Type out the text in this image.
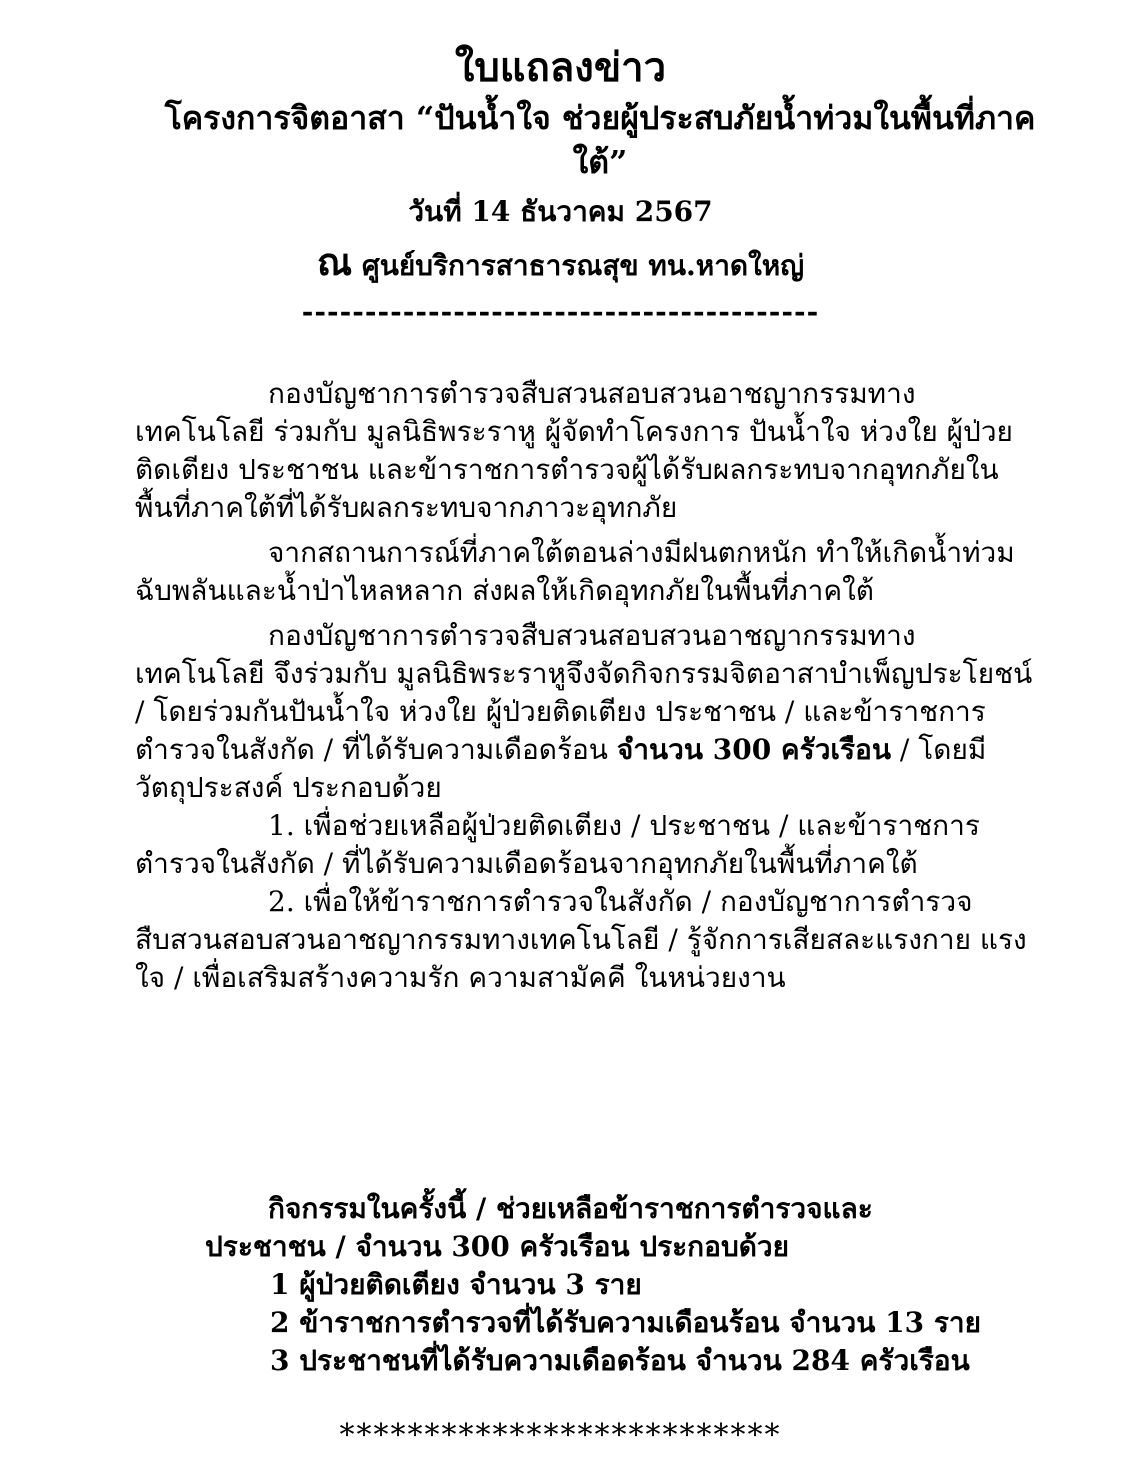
ใบแถลงข่าว
โครงการจิตอาสา “ปันน้ำใจ ช่วยผู้ประสบภัยน้ำท่วมในพื้นที่ภาคใต้”
วันที่ 14 ธันวาคม 2567
ณ ศูนย์บริการสาธารณสุข ทน.หาดใหญ่
-----------------------------------------

กองบัญชาการตำรวจสืบสวนสอบสวนอาชญากรรมทางเทคโนโลยี ร่วมกับ มูลนิธิพระราหู ผู้จัดทำโครงการ ปันน้ำใจ ห่วงใย ผู้ป่วยติดเตียง ประชาชน และข้าราชการตำรวจผู้ได้รับผลกระทบจากอุทกภัยในพื้นที่ภาคใต้ที่ได้รับผลกระทบจากภาวะอุทกภัย

จากสถานการณ์ที่ภาคใต้ตอนล่างมีฝนตกหนัก ทำให้เกิดน้ำท่วมฉับพลันและน้ำป่าไหลหลาก ส่งผลให้เกิดอุทกภัยในพื้นที่ภาคใต้

กองบัญชาการตำรวจสืบสวนสอบสวนอาชญากรรมทางเทคโนโลยี จึงร่วมกับ มูลนิธิพระราหูจึงจัดกิจกรรมจิตอาสาบำเพ็ญประโยชน์ / โดยร่วมกันปันน้ำใจ ห่วงใย ผู้ป่วยติดเตียง ประชาชน / และข้าราชการตำรวจในสังกัด / ที่ได้รับความเดือดร้อน จำนวน 300 ครัวเรือน / โดยมีวัตถุประสงค์ ประกอบด้วย

1. เพื่อช่วยเหลือผู้ป่วยติดเตียง / ประชาชน / และข้าราชการตำรวจในสังกัด / ที่ได้รับความเดือดร้อนจากอุทกภัยในพื้นที่ภาคใต้

2. เพื่อให้ข้าราชการตำรวจในสังกัด / กองบัญชาการตำรวจสืบสวนสอบสวนอาชญากรรมทางเทคโนโลยี / รู้จักการเสียสละแรงกาย แรงใจ / เพื่อเสริมสร้างความรัก ความสามัคคี ในหน่วยงาน

กิจกรรมในครั้งนี้ / ช่วยเหลือข้าราชการตำรวจและ
ประชาชน / จำนวน 300 ครัวเรือน ประกอบด้วย
1 ผู้ป่วยติดเตียง จำนวน 3 ราย
2 ข้าราชการตำรวจที่ได้รับความเดือนร้อน จำนวน 13 ราย
3 ประชาชนที่ได้รับความเดือดร้อน จำนวน 284 ครัวเรือน
**************************
